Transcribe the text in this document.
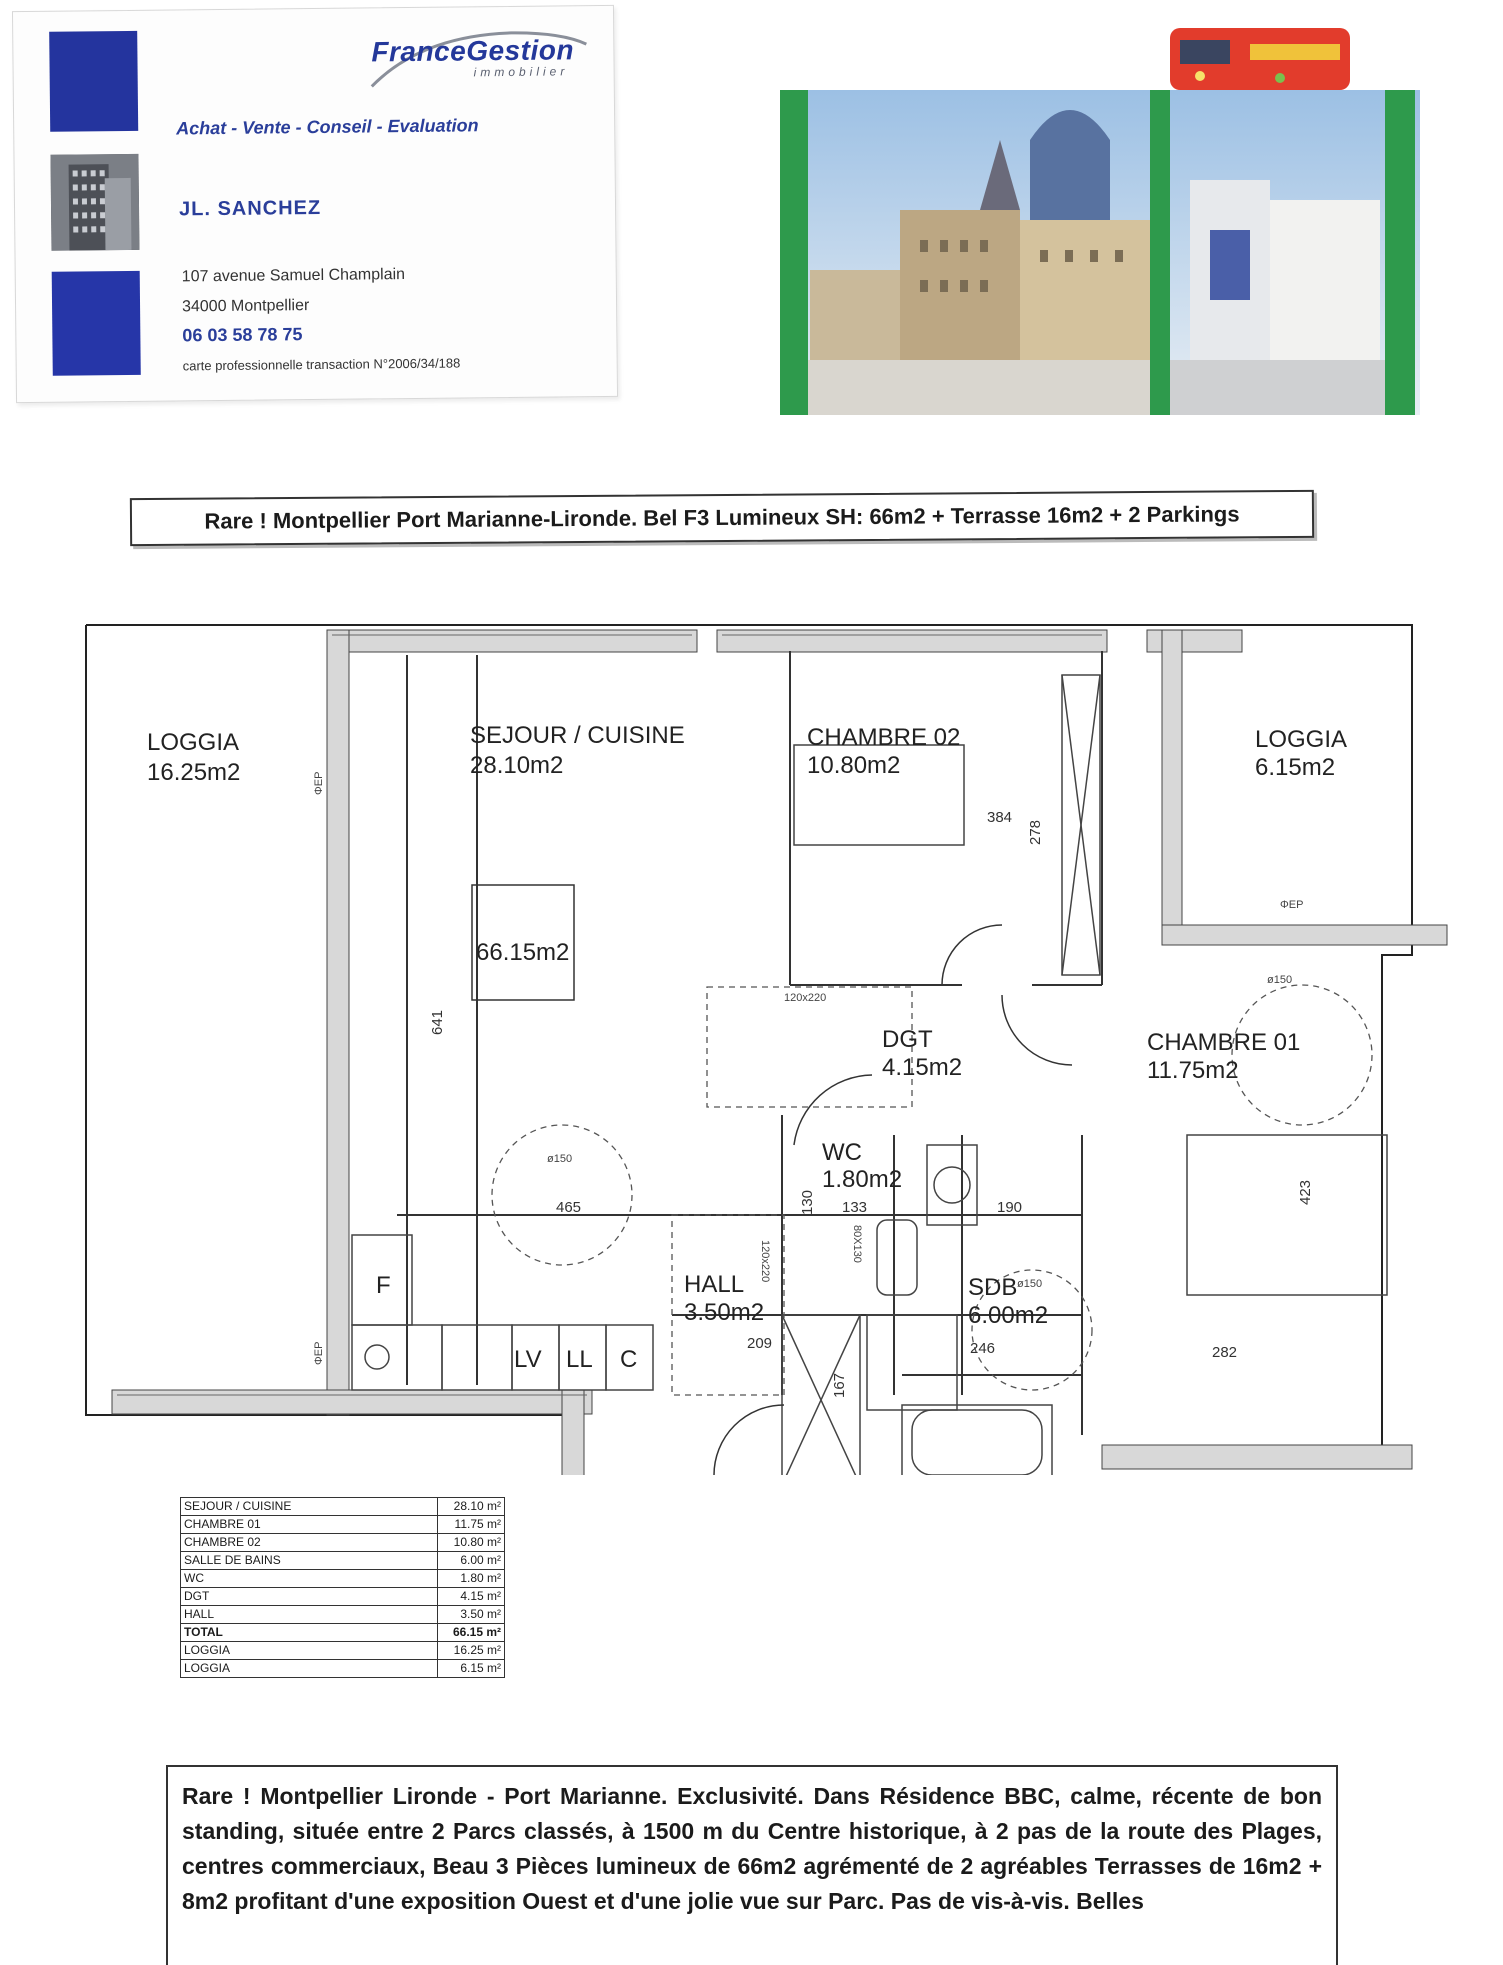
FranceGestion
immobilier
Achat - Vente - Conseil - Evaluation
JL. SANCHEZ
107 avenue Samuel Champlain
34000 Montpellier
06 03 58 78 75
carte professionnelle transaction N°2006/34/188
Rare ! Montpellier Port Marianne-Lironde. Bel F3 Lumineux SH: 66m2 + Terrasse 16m2 + 2 Parkings
LOGGIA
16.25m2
SEJOUR / CUISINE
28.10m2
CHAMBRE 02
10.80m2
LOGGIA
6.15m2
DGT
4.15m2
CHAMBRE 01
11.75m2
WC
1.80m2
HALL
3.50m2
SDB
6.00m2
66.15m2
384
278
641
465	130 133	190
423
209
167
246	282
F
LV LL C
ΦEP
ΦEP
ΦEP
ø150
ø150
ø150
120x220
120x220	80X130
SEJOUR / CUISINE	28.10 m²
CHAMBRE 01	11.75 m²
CHAMBRE 02	10.80 m²
SALLE DE BAINS	6.00 m²
WC	1.80 m²
DGT	4.15 m²
HALL	3.50 m²
TOTAL	66.15 m²
LOGGIA	16.25 m²
LOGGIA	6.15 m²
Rare ! Montpellier Lironde - Port Marianne. Exclusivité. Dans Résidence BBC, calme, récente de bon standing, située entre 2 Parcs classés, à 1500 m du Centre historique, à 2 pas de la route des Plages, centres commerciaux, Beau 3 Pièces lumineux de 66m2 agrémenté de 2 agréables Terrasses de 16m2 + 8m2 profitant d'une exposition Ouest et d'une jolie vue sur Parc. Pas de vis-à-vis. Belles
